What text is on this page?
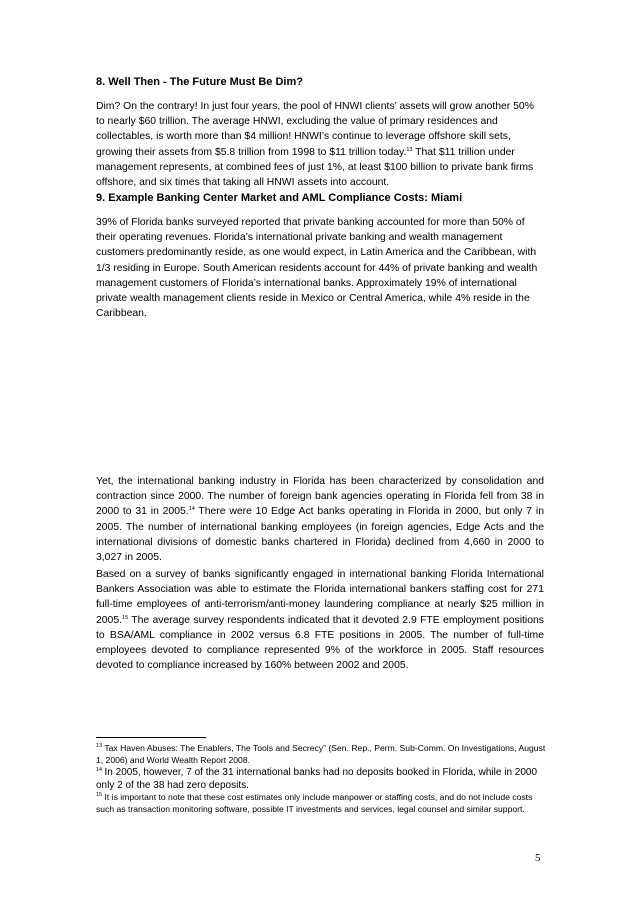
8. Well Then - The Future Must Be Dim?

Dim? On the contrary! In just four years, the pool of HNWI clients’ assets will grow another 50% to nearly $60 trillion. The average HNWI, excluding the value of primary residences and collectables, is worth more than $4 million! HNWI’s continue to leverage offshore skill sets, growing their assets from $5.8 trillion from 1998 to $11 trillion today.$^{13}$ That $11 trillion under management represents, at combined fees of just 1%, at least $100 billion to private bank firms offshore, and six times that taking all HNWI assets into account.

9. Example Banking Center Market and AML Compliance Costs: Miami

39% of Florida banks surveyed reported that private banking accounted for more than 50% of their operating revenues. Florida’s international private banking and wealth management customers predominantly reside, as one would expect, in Latin America and the Caribbean, with 1/3 residing in Europe. South American residents account for 44% of private banking and wealth management customers of Florida’s international banks. Approximately 19% of international private wealth management clients reside in Mexico or Central America, while 4% reside in the Caribbean.

Yet, the international banking industry in Florida has been characterized by consolidation and contraction since 2000. The number of foreign bank agencies operating in Florida fell from 38 in 2000 to 31 in 2005.14 There were 10 Edge Act banks operating in Florida in 2000, but only 7 in 2005. The number of international banking employees (in foreign agencies, Edge Acts and the international divisions of domestic banks chartered in Florida) declined from 4,660 in 2000 to 3,027 in 2005.

Based on a survey of banks significantly engaged in international banking Florida International Bankers Association was able to estimate the Florida international bankers staffing cost for 271 full-time employees of anti-terrorism/anti-money laundering compliance at nearly $25 million in 2005.15 The average survey respondents indicated that it devoted 2.9 FTE employment positions to BSA/AML compliance in 2002 versus 6.8 FTE positions in 2005. The number of full-time employees devoted to compliance represented 9% of the workforce in 2005. Staff resources devoted to compliance increased by 160% between 2002 and 2005.

$^{13}$ Tax Haven Abuses: The Enablers, The Tools and Secrecy” (Sen. Rep., Perm. Sub-Comm. On Investigations, August 1, 2006) and World Wealth Report 2008.

$^{14}$ In 2005, however, 7 of the 31 international banks had no deposits booked in Florida, while in 2000 only 2 of the 38 had zero deposits.

$^{15}$ It is important to note that these cost estimates only include manpower or staffing costs, and do not include costs such as transaction monitoring software, possible IT investments and services, legal counsel and similar support.

5
